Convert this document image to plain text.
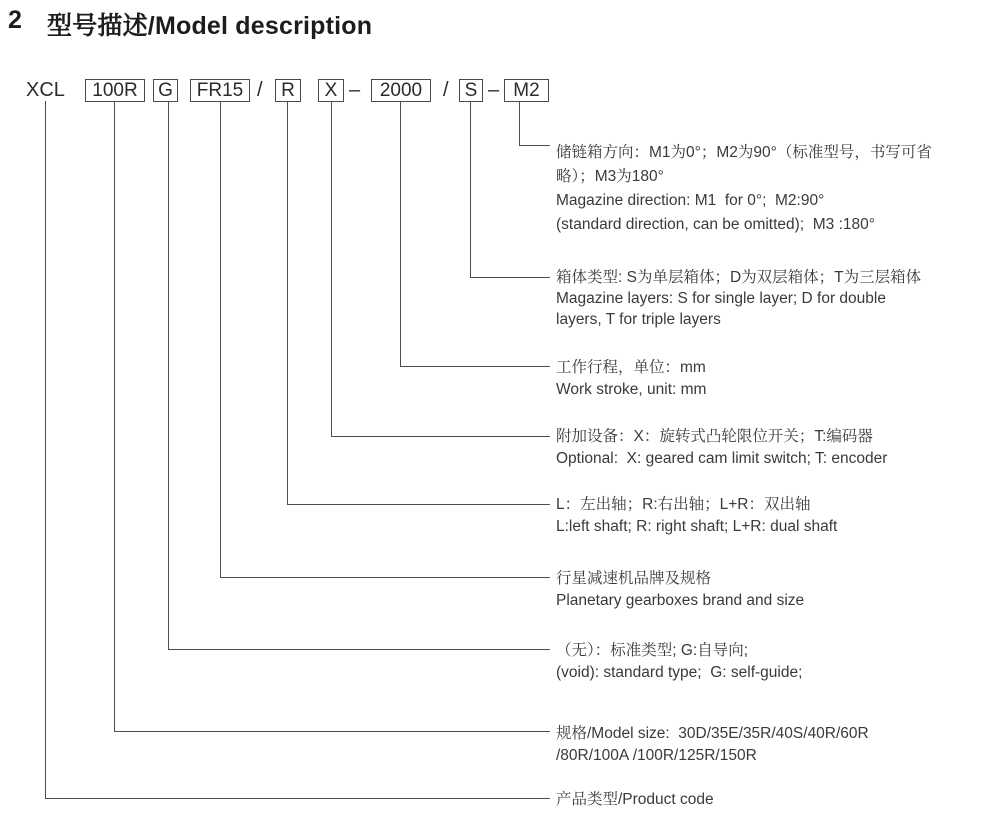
2	型号描述/Model description
XCL	100R	G	FR15 / R	X –	2000	/ S – M2
储链箱方向：M1为0°；M2为90°（标准型号，书写可省
略）；M3为180°
Magazine direction: M1  for 0°;  M2:90°
(standard direction, can be omitted);  M3 :180°
箱体类型: S为单层箱体；D为双层箱体；T为三层箱体
Magazine layers: S for single layer; D for double
layers, T for triple layers
工作行程，单位：mm
Work stroke, unit: mm
附加设备：X：旋转式凸轮限位开关；T:编码器
Optional:  X: geared cam limit switch; T: encoder
L：左出轴；R:右出轴；L+R：双出轴
L:left shaft; R: right shaft; L+R: dual shaft
行星减速机品牌及规格
Planetary gearboxes brand and size
（无）：标准类型; G:自导向;
(void): standard type;  G: self-guide;
规格/Model size:  30D/35E/35R/40S/40R/60R
/80R/100A /100R/125R/150R
产品类型/Product code
